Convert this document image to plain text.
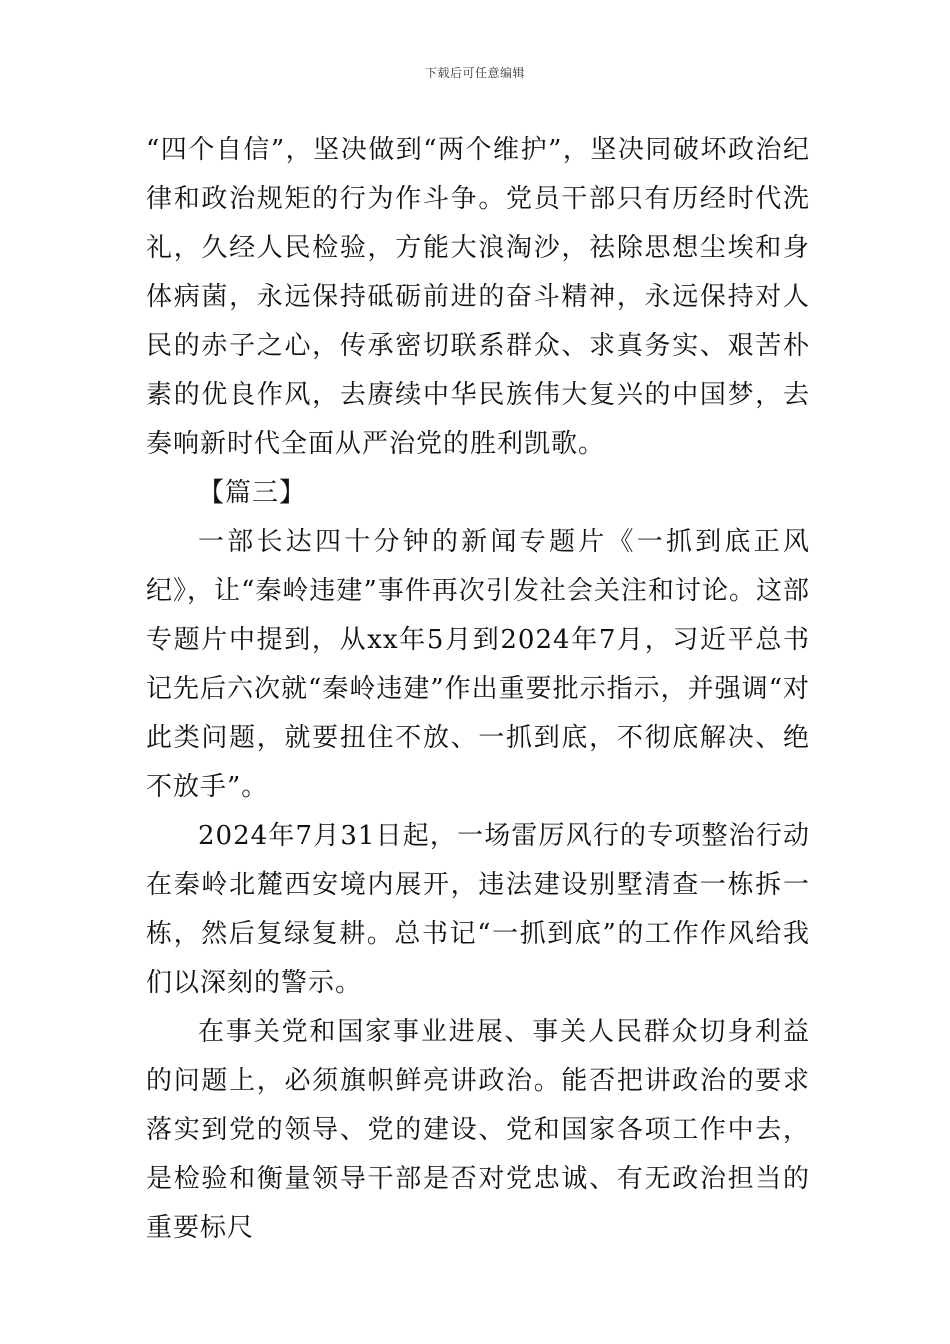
下载后可任意编辑

“四个自信”，坚决做到“两个维护”，坚决同破坏政治纪律和政治规矩的行为作斗争。党员干部只有历经时代洗礼，久经人民检验，方能大浪淘沙，祛除思想尘埃和身体病菌，永远保持砥砺前进的奋斗精神，永远保持对人民的赤子之心，传承密切联系群众、求真务实、艰苦朴素的优良作风，去赓续中华民族伟大复兴的中国梦，去奏响新时代全面从严治党的胜利凯歌。

【篇三】

一部长达四十分钟的新闻专题片《一抓到底正风纪》，让“秦岭违建”事件再次引发社会关注和讨论。这部专题片中提到，从xx年5月到2024年7月，习近平总书记先后六次就“秦岭违建”作出重要批示指示，并强调“对此类问题，就要扭住不放、一抓到底，不彻底解决、绝不放手”。

2024年7月31日起，一场雷厉风行的专项整治行动在秦岭北麓西安境内展开，违法建设别墅清查一栋拆一栋，然后复绿复耕。总书记“一抓到底”的工作作风给我们以深刻的警示。

在事关党和国家事业进展、事关人民群众切身利益的问题上，必须旗帜鲜亮讲政治。能否把讲政治的要求落实到党的领导、党的建设、党和国家各项工作中去，是检验和衡量领导干部是否对党忠诚、有无政治担当的重要标尺
